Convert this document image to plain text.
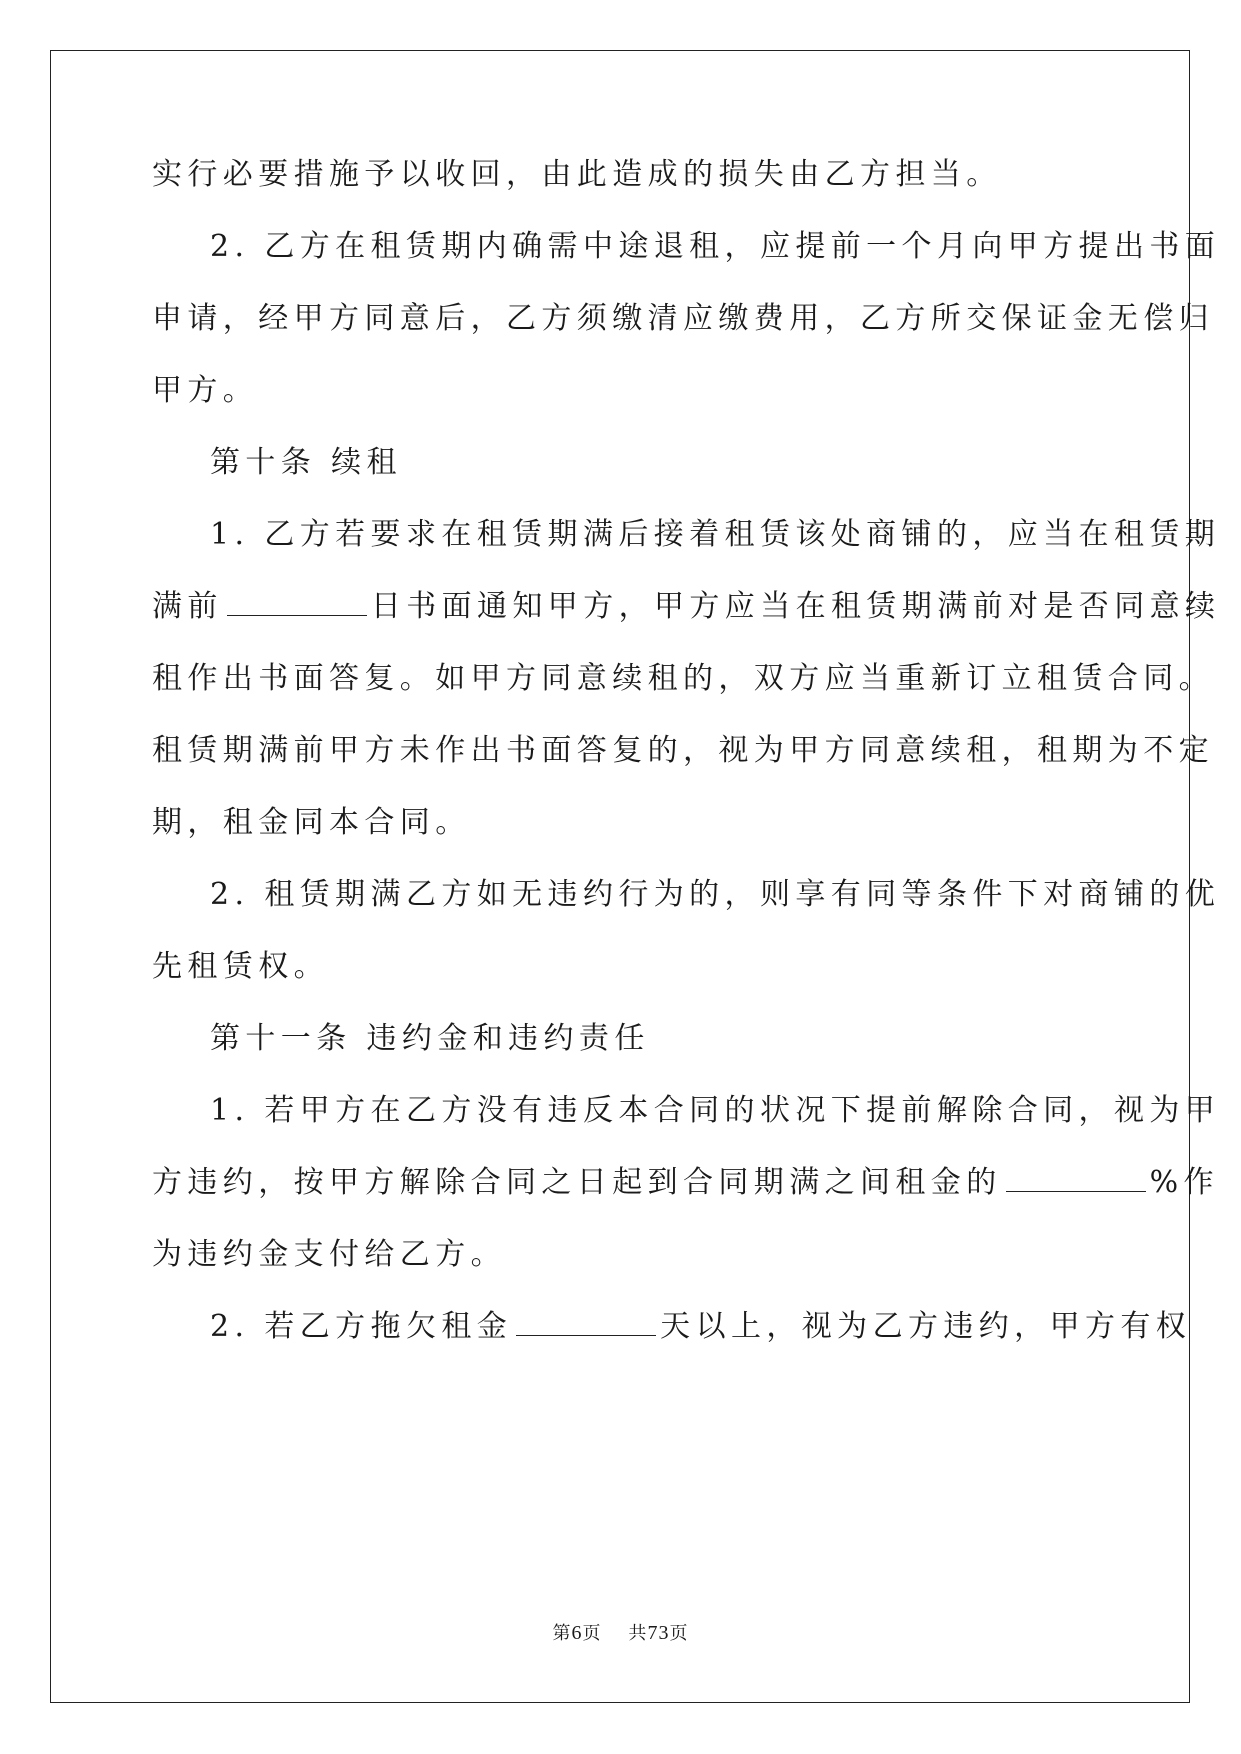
实行必要措施予以收回，由此造成的损失由乙方担当。
2. 乙方在租赁期内确需中途退租，应提前一个月向甲方提出书面
申请，经甲方同意后，乙方须缴清应缴费用，乙方所交保证金无偿归
甲方。
第十条 续租
1. 乙方若要求在租赁期满后接着租赁该处商铺的，应当在租赁期
满前	日书面通知甲方，甲方应当在租赁期满前对是否同意续
租作出书面答复。如甲方同意续租的，双方应当重新订立租赁合同。
租赁期满前甲方未作出书面答复的，视为甲方同意续租，租期为不定
期，租金同本合同。
2. 租赁期满乙方如无违约行为的，则享有同等条件下对商铺的优
先租赁权。
第十一条 违约金和违约责任
1. 若甲方在乙方没有违反本合同的状况下提前解除合同，视为甲
方违约，按甲方解除合同之日起到合同期满之间租金的	%作
为违约金支付给乙方。
2. 若乙方拖欠租金	天以上，视为乙方违约，甲方有权
第6页    共73页
